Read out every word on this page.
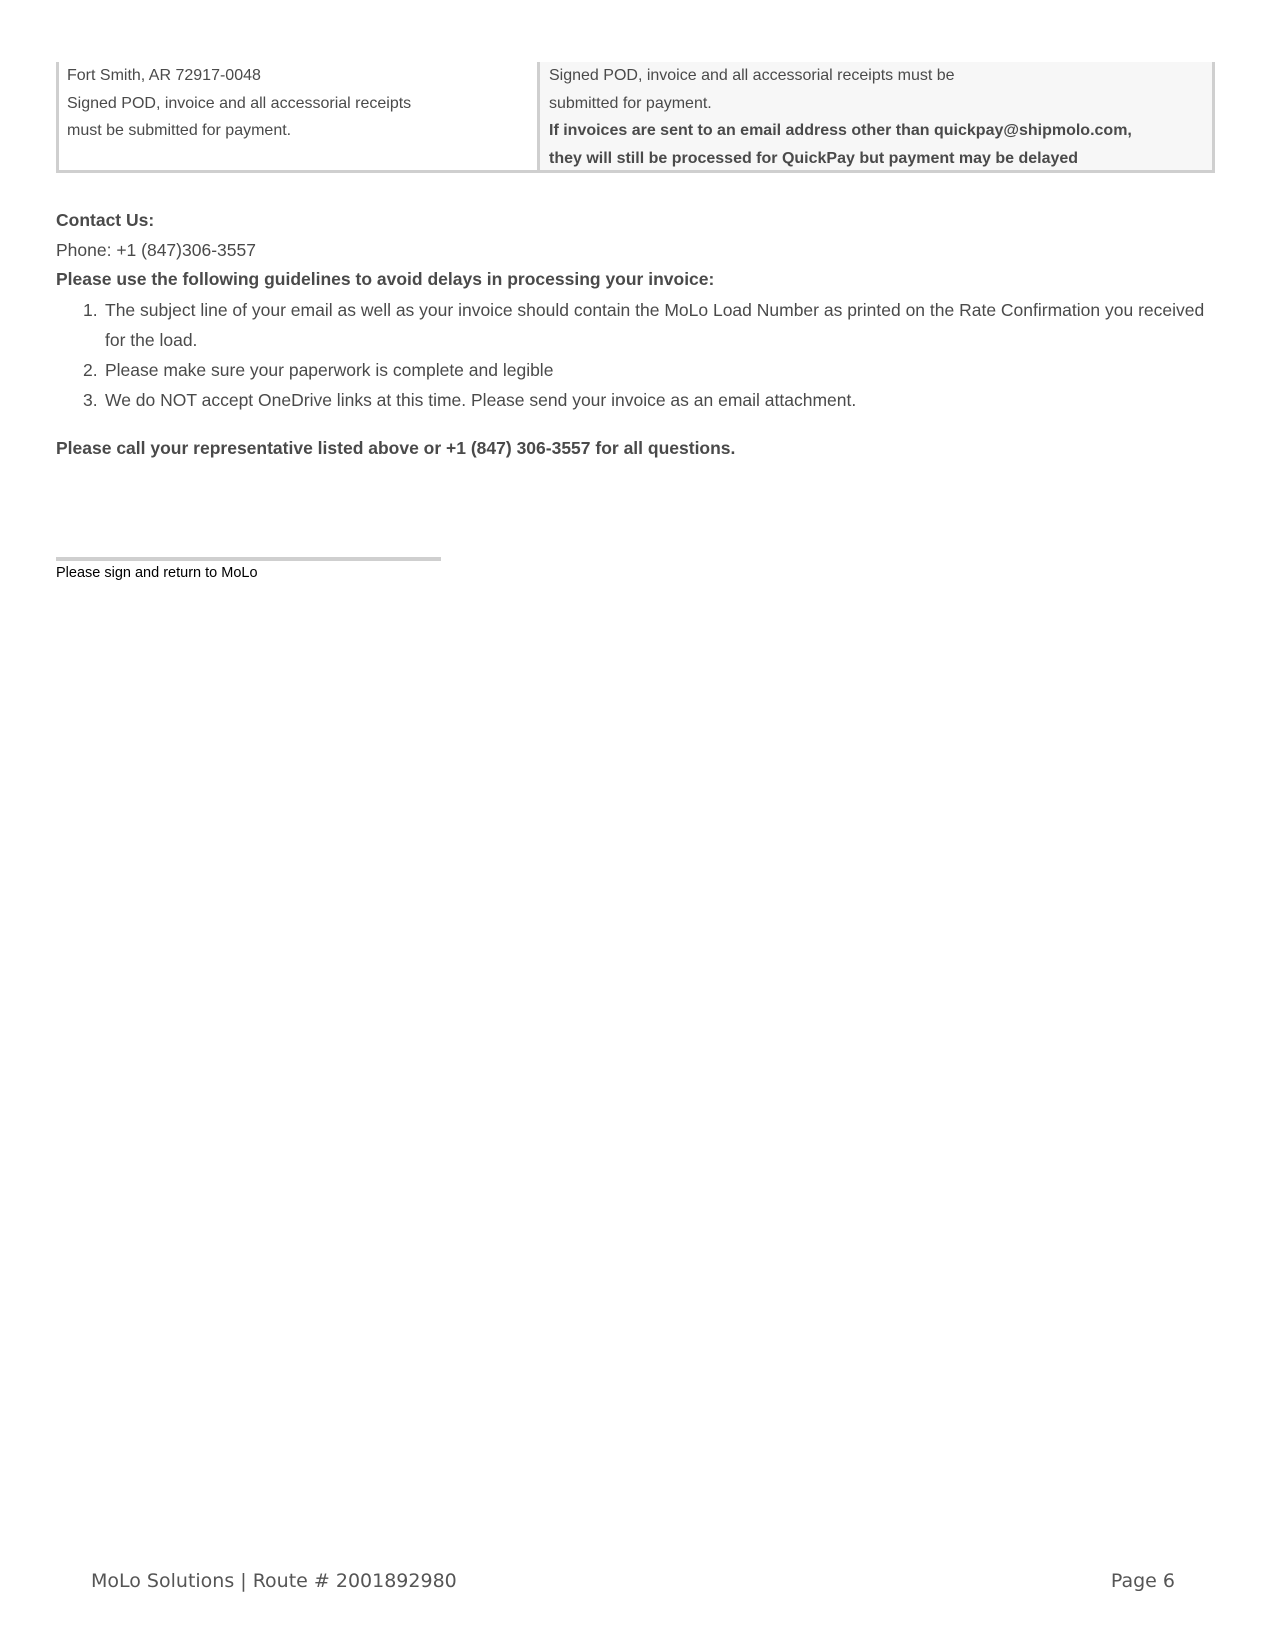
Fort Smith, AR 72917-0048
Signed POD, invoice and all accessorial receipts
must be submitted for payment.
Signed POD, invoice and all accessorial receipts must be
submitted for payment.
If invoices are sent to an email address other than quickpay@shipmolo.com,
they will still be processed for QuickPay but payment may be delayed
Contact Us:
Phone: +1 (847)306-3557
Please use the following guidelines to avoid delays in processing your invoice:
1. The subject line of your email as well as your invoice should contain the MoLo Load Number as printed on the Rate Confirmation you received for the load.
2. Please make sure your paperwork is complete and legible
3. We do NOT accept OneDrive links at this time. Please send your invoice as an email attachment.
Please call your representative listed above or +1 (847) 306-3557 for all questions.
Please sign and return to MoLo
MoLo Solutions | Route # 2001892980	Page 6
